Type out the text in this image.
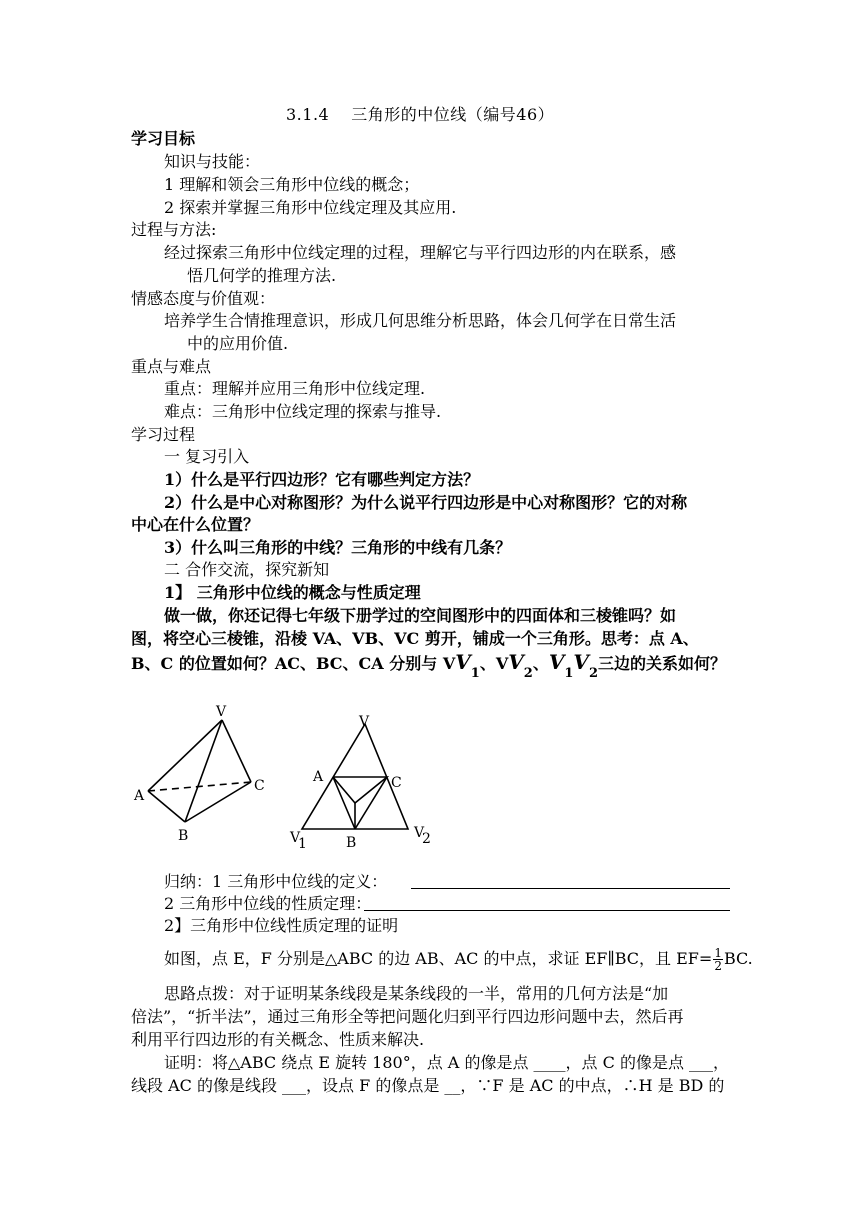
3.1.4　 三角形的中位线（编号46）
学习目标
知识与技能：
1 理解和领会三角形中位线的概念；
2 探索并掌握三角形中位线定理及其应用.
过程与方法:
经过探索三角形中位线定理的过程，理解它与平行四边形的内在联系，感
悟几何学的推理方法.
情感态度与价值观：
培养学生合情推理意识，形成几何思维分析思路，体会几何学在日常生活
中的应用价值.
重点与难点
重点：理解并应用三角形中位线定理.
难点：三角形中位线定理的探索与推导.
学习过程
一 复习引入
1）什么是平行四边形？它有哪些判定方法？
2）什么是中心对称图形？为什么说平行四边形是中心对称图形？它的对称
中心在什么位置？
3）什么叫三角形的中线？三角形的中线有几条？
二 合作交流，探究新知
1】 三角形中位线的概念与性质定理
做一做，你还记得七年级下册学过的空间图形中的四面体和三棱锥吗？如
图，将空心三棱锥，沿棱 VA、VB、VC 剪开，铺成一个三角形。思考：点 A、
B、C 的位置如何？AC、BC、CA 分别与 $VV_1$、$VV_2$、$V_1V_2$三边的关系如何？
V
A
C
B
V
A	C
B
V
1
V
2
归纳：1 三角形中位线的定义：
2 三角形中位线的性质定理：
2】三角形中位线性质定理的证明
如图，点 E，F 分别是△ABC 的边 AB、AC 的中点，求证 EF∥BC，且 $EF= \frac{1}{2}$ BC.
思路点拨：对于证明某条线段是某条线段的一半，常用的几何方法是“加
倍法”，“折半法”，通过三角形全等把问题化归到平行四边形问题中去，然后再
利用平行四边形的有关概念、性质来解决.
证明：将△ABC 绕点 E 旋转 180°，点 A 的像是点 ____，点 C 的像是点 ___，
线段 AC 的像是线段 ___，设点 F 的像点是 __，∵F 是 AC 的中点，∴H 是 BD 的
